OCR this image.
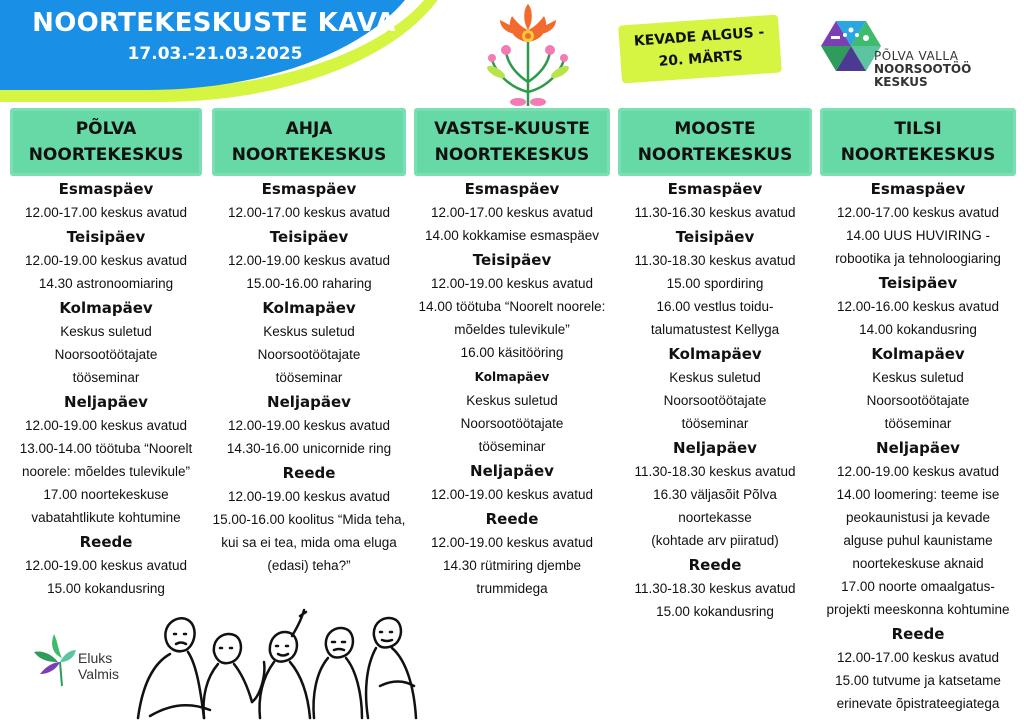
NOORTEKESKUSTE KAVA
17.03.-21.03.2025
KEVADE ALGUS -
20. MÄRTS	PÕLVA VALLA
NOORSOOTÖÖ
KESKUS
PÕLVA
NOORTEKESKUS
Esmaspäev
12.00-17.00 keskus avatud
Teisipäev
12.00-19.00 keskus avatud
14.30 astronoomiaring
Kolmapäev
Keskus suletud
Noorsootöötajate
tööseminar
Neljapäev
12.00-19.00 keskus avatud
13.00-14.00 töötuba “Noorelt
noorele: mõeldes tulevikule”
17.00 noortekeskuse
vabatahtlikute kohtumine
Reede
12.00-19.00 keskus avatud
15.00 kokandusring
AHJA
NOORTEKESKUS
Esmaspäev
12.00-17.00 keskus avatud
Teisipäev
12.00-19.00 keskus avatud
15.00-16.00 raharing
Kolmapäev
Keskus suletud
Noorsootöötajate
tööseminar
Neljapäev
12.00-19.00 keskus avatud
14.30-16.00 unicornide ring
Reede
12.00-19.00 keskus avatud
15.00-16.00 koolitus “Mida teha,
kui sa ei tea, mida oma eluga
(edasi) teha?”
VASTSE-KUUSTE
NOORTEKESKUS
Esmaspäev
12.00-17.00 keskus avatud
14.00 kokkamise esmaspäev
Teisipäev
12.00-19.00 keskus avatud
14.00 töötuba “Noorelt noorele:
mõeldes tulevikule”
16.00 käsitööring
Kolmapäev
Keskus suletud
Noorsootöötajate
tööseminar
Neljapäev
12.00-19.00 keskus avatud
Reede
12.00-19.00 keskus avatud
14.30 rütmiring djembe
trummidega
MOOSTE
NOORTEKESKUS
Esmaspäev
11.30-16.30 keskus avatud
Teisipäev
11.30-18.30 keskus avatud
15.00 spordiring
16.00 vestlus toidu-
talumatustest Kellyga
Kolmapäev
Keskus suletud
Noorsootöötajate
tööseminar
Neljapäev
11.30-18.30 keskus avatud
16.30 väljasõit Põlva
noortekasse
(kohtade arv piiratud)
Reede
11.30-18.30 keskus avatud
15.00 kokandusring
TILSI
NOORTEKESKUS
Esmaspäev
12.00-17.00 keskus avatud
14.00 UUS HUVIRING -
robootika ja tehnoloogiaring
Teisipäev
12.00-16.00 keskus avatud
14.00 kokandusring
Kolmapäev
Keskus suletud
Noorsootöötajate
tööseminar
Neljapäev
12.00-19.00 keskus avatud
14.00 loomering: teeme ise
peokaunistusi ja kevade
alguse puhul kaunistame
noortekeskuse aknaid
17.00 noorte omaalgatus-
projekti meeskonna kohtumine
Reede
12.00-17.00 keskus avatud
15.00 tutvume ja katsetame
erinevate õpistrateegiatega
Eluks
Valmis
